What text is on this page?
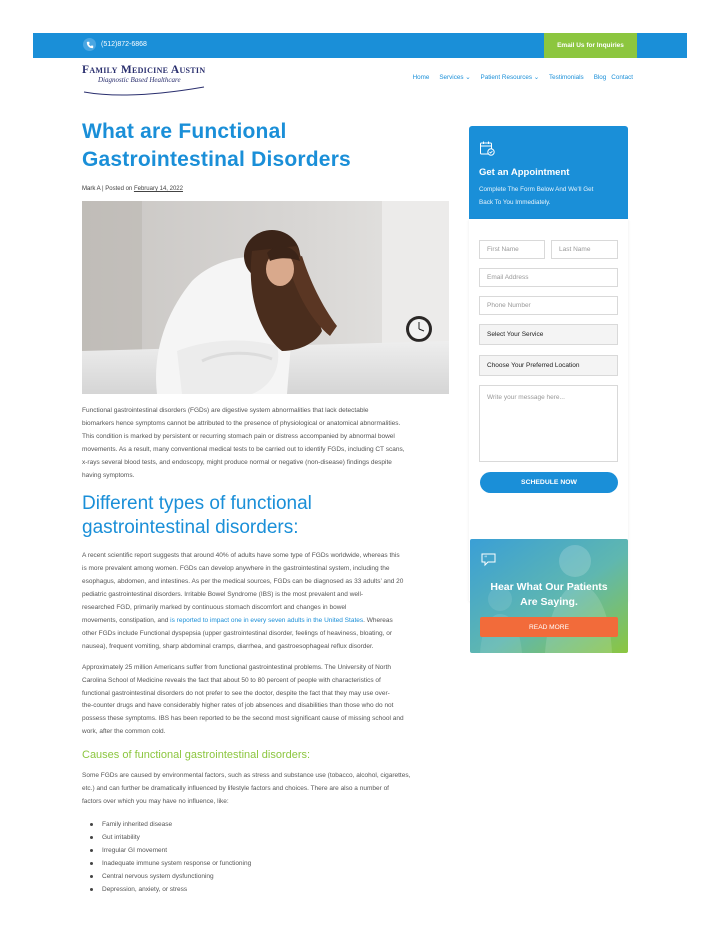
(512)872-6868	Email Us for Inquiries
Family Medicine Austin
Diagnostic Based Healthcare	Home Services ⌄ Patient Resources ⌄ Testimonials Blog Contact
What are Functional
Gastrointestinal Disorders
Mark A | Posted on February 14, 2022
Functional gastrointestinal disorders (FGDs) are digestive system abnormalities that lack detectable
biomarkers hence symptoms cannot be attributed to the presence of physiological or anatomical abnormalities.
This condition is marked by persistent or recurring stomach pain or distress accompanied by abnormal bowel
movements. As a result, many conventional medical tests to be carried out to identify FGDs, including CT scans,
x-rays several blood tests, and endoscopy, might produce normal or negative (non-disease) findings despite
having symptoms.
Different types of functional
gastrointestinal disorders:
A recent scientific report suggests that around 40% of adults have some type of FGDs worldwide, whereas this
is more prevalent among women. FGDs can develop anywhere in the gastrointestinal system, including the
esophagus, abdomen, and intestines. As per the medical sources, FGDs can be diagnosed as 33 adults’ and 20
pediatric gastrointestinal disorders. Irritable Bowel Syndrome (IBS) is the most prevalent and well-
researched FGD, primarily marked by continuous stomach discomfort and changes in bowel
movements, constipation, and is reported to impact one in every seven adults in the United States. Whereas
other FGDs include Functional dyspepsia (upper gastrointestinal disorder, feelings of heaviness, bloating, or
nausea), frequent vomiting, sharp abdominal cramps, diarrhea, and gastroesophageal reflux disorder.
Approximately 25 million Americans suffer from functional gastrointestinal problems. The University of North
Carolina School of Medicine reveals the fact that about 50 to 80 percent of people with characteristics of
functional gastrointestinal disorders do not prefer to see the doctor, despite the fact that they may use over-
the-counter drugs and have considerably higher rates of job absences and disabilities than those who do not
possess these symptoms. IBS has been reported to be the second most significant cause of missing school and
work, after the common cold.
Causes of functional gastrointestinal disorders:
Some FGDs are caused by environmental factors, such as stress and substance use (tobacco, alcohol, cigarettes,
etc.) and can further be dramatically influenced by lifestyle factors and choices. There are also a number of
factors over which you may have no influence, like:
Family inherited disease
Gut irritability
Irregular GI movement
Inadequate immune system response or functioning
Central nervous system dysfunctioning
Depression, anxiety, or stress
Get an Appointment
Complete The Form Below And We'll Get
Back To You Immediately.
First Name	Last Name
Email Address
Phone Number
Select Your Service
Choose Your Preferred Location
Write your message here...
SCHEDULE NOW
“
Hear What Our Patients
Are Saying.
READ MORE
